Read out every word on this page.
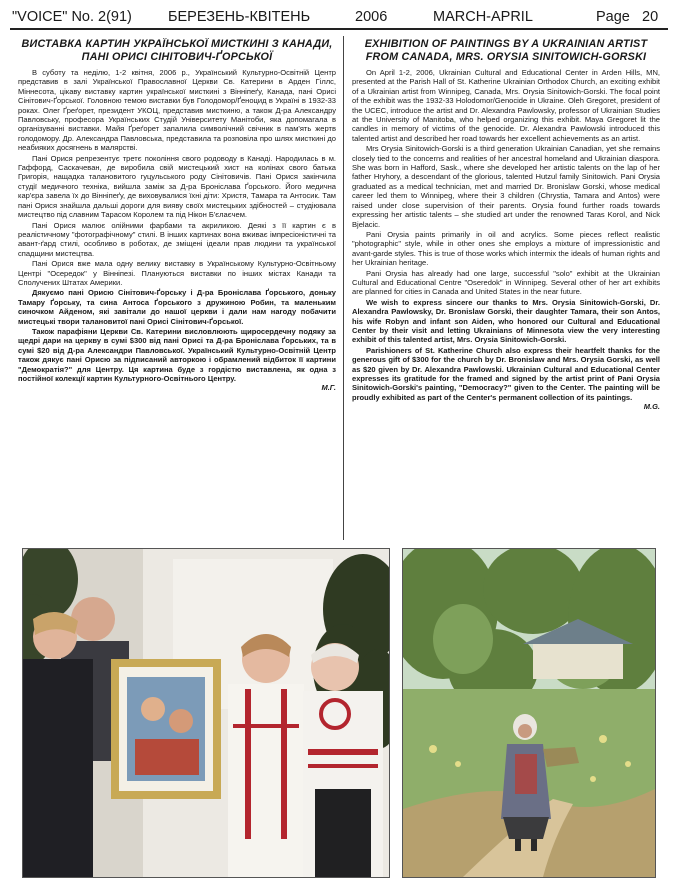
"VOICE" No. 2(91) БЕРЕЗЕНЬ-КВІТЕНЬ	2006	MARCH-APRIL	Page 20
ВИСТАВКА КАРТИН УКРАЇНСЬКОЇ МИСТКИНІ З КАНАДИ, ПАНІ ОРИСІ СІНІТОВИЧ-ҐОРСЬКОЇ

В суботу та неділю, 1-2 квітня, 2006 р., Український Культурно-Освітній Центр представив в залі Української Православної Церкви Св. Катерини в Арден Гіллс, Міннесота, цікаву виставку картин української мисткині з Вінніпеґу, Канада, пані Орисі Сінітович-Ґорської. Головною темою виставки був Голодомор/Ґеноцид в Україні в 1932-33 роках. Олег Ґреґорет, президент УКОЦ, представив мисткиню, а також Д-ра Александру Павловську, професора Українських Студій Університету Манітоби, яка допомагала в організуванні виставки. Майя Ґреґорет запалила символічний свічник в пам'ять жертв голодомору. Др. Александра Павловська, представила та розповіла про шлях мисткині до неабияких досягнень в малярстві.

Пані Орися репрезентує третє покоління свого родоводу в Канаді. Народилась в м. Гаффорд, Саскачеван, де виробила свій мистецький хист на колінах свого батька Григорія, нащадка талановитого гуцульського роду Сінітовичів. Пані Орися закінчила студії медичного техніка, вийшла заміж за Д-ра Броніслава Ґорського. Його медична кар'єра завела їх до Вінніпеґу, де виховувалися їхні діти: Христя, Тамара та Антосик. Там пані Орися знайшла дальші дороги для вияву своїх мистецьких здібностей – студіювала мистецтво під славним Тарасом Королем та під Нікон Б'єлаєчем.

Пані Орися малює олійними фарбами та акриликою. Деякі з її картин є в реалістичному "фотографічному" стилі. В інших картинах вона вживає імпресіоністичні та авант-ґард стилі, особливо в роботах, де зміщені ідеали прав людини та української спадщини мистецтва.

Пані Орися вже мала одну велику виставку в Українському Культурно-Освітньому Центрі "Осередок" у Вінніпезі. Плануються виставки по інших містах Канади та Сполучених Штатах Америки.

Дякуємо пані Орисю Сінітович-Ґорську і Д-ра Броніслава Ґорського, доньку Тамару Ґорську, та сина Антоса Ґорського з дружиною Робин, та маленьким синочком Айденом, які завітали до нашої церкви і дали нам нагоду побачити мистецькі твори талановитої пані Орисі Сінітович-Ґорської.

Також парафіяни Церкви Св. Катерини висловлюють щиросердечну подяку за щедрі дари на церкву в сумі $300 від пані Орисі та Д-ра Броніслава Ґорських, та в сумі $20 від Д-ра Александри Павловської. Український Культурно-Освітній Центр також дякує пані Орисю за підписаний авторкою і обрамлений відбиток її картини "Демократія?" для Центру. Ця картина буде з гордістю виставлена, як одна з постійної колекції картин Культурного-Освітнього Центру.

М.Г.
EXHIBITION OF PAINTINGS BY A UKRAINIAN ARTIST FROM CANADA, MRS. ORYSIA SINITOWICH-GORSKI

On April 1-2, 2006, Ukrainian Cultural and Educational Center in Arden Hills, MN, presented at the Parish Hall of St. Katherine Ukrainian Orthodox Church, an exciting exhibit of a Ukrainian artist from Winnipeg, Canada, Mrs. Orysia Sinitowich-Gorski. The focal point of the exhibit was the 1932-33 Holodomor/Genocide in Ukraine. Oleh Gregoret, president of the UCEC, introduce the artist and Dr. Alexandra Pawlowsky, professor of Ukrainian Studies at the University of Manitoba, who helped organizing this exhibit. Maya Gregoret lit the candles in memory of victims of the genocide. Dr. Alexandra Pawlowski introduced this talented artist and described her road towards her excellent achievements as an artist.

Mrs Orysia Sinitowich-Gorski is a third generation Ukrainian Canadian, yet she remains closely tied to the concerns and realities of her ancestral homeland and Ukrainian diaspora. She was born in Hafford, Sask., where she developed her artistic talents on the lap of her father Hryhory, a descendant of the glorious, talented Hutzul family Sinitowich. Pani Orysia graduated as a medical technician, met and married Dr. Bronislaw Gorski, whose medical career led them to Winnipeg, where their 3 children (Chrystia, Tamara and Antos) were raised under close supervision of their parents. Orysia found further roads towards expressing her artistic talents – she studied art under the renowned Taras Korol, and Nick Bjelacic.

Pani Orysia paints primarily in oil and acrylics. Some pieces reflect realistic "photographic" style, while in other ones she employs a mixture of impressionistic and avant-garde styles. This is true of those works which intermix the ideals of human rights and her Ukrainian heritage.

Pani Orysia has already had one large, successful "solo" exhibit at the Ukrainian Cultural and Educational Centre "Oseredok" in Winnipeg. Several other of her art exhibits are planned for cities in Canada and United States in the near future.

We wish to express sincere our thanks to Mrs. Orysia Sinitowich-Gorski, Dr. Alexandra Pawlowsky, Dr. Bronislaw Gorski, their daughter Tamara, their son Antos, his wife Robyn and infant son Aiden, who honored our Cultural and Educational Center by their visit and letting Ukrainians of Minnesota view the very interesting exhibit of this talented artist, Mrs. Orysia Sinitowich-Gorski.

Parishioners of St. Katherine Church also express their heartfelt thanks for the generous gift of $300 for the church by Dr. Bronislaw and Mrs. Orysia Gorski, as well as $20 given by Dr. Alexandra Pawlowski. Ukrainian Cultural and Educational Center expresses its gratitude for the framed and signed by the artist print of Pani Orysia Sinitowich-Gorski's painting, "Democracy?" given to the Center. The painting will be proudly exhibited as part of the Center's permanent collection of its paintings.

M.G.
